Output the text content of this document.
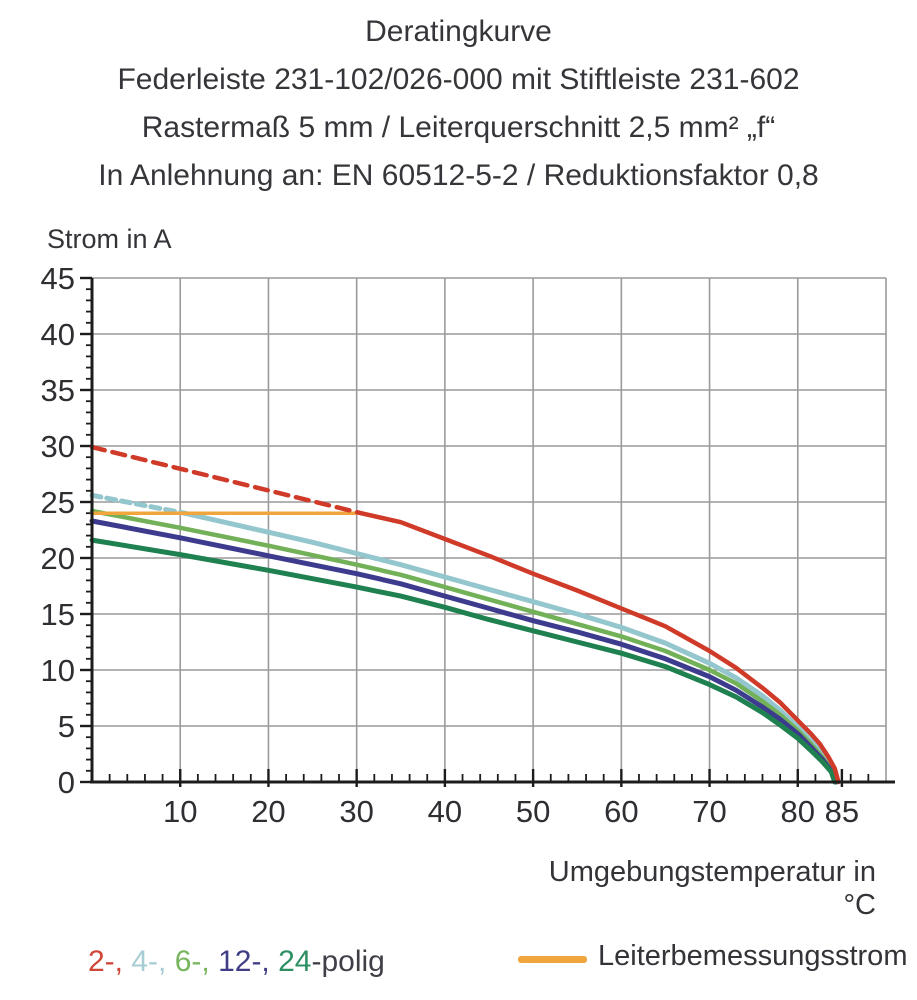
Deratingkurve
Federleiste 231-102/026-000 mit Stiftleiste 231-602
Rastermaß 5 mm / Leiterquerschnitt 2,5 mm² „f“
In Anlehnung an: EN 60512-5-2 / Reduktionsfaktor 0,8
Strom in A
10 20 30 40 50 60 70 80 85
0
5
10
15
20
25
30
35
40
45
Umgebungstemperatur in °C
2-, 4-, 6-, 12-, 24-polig	Leiterbemessungsstrom
